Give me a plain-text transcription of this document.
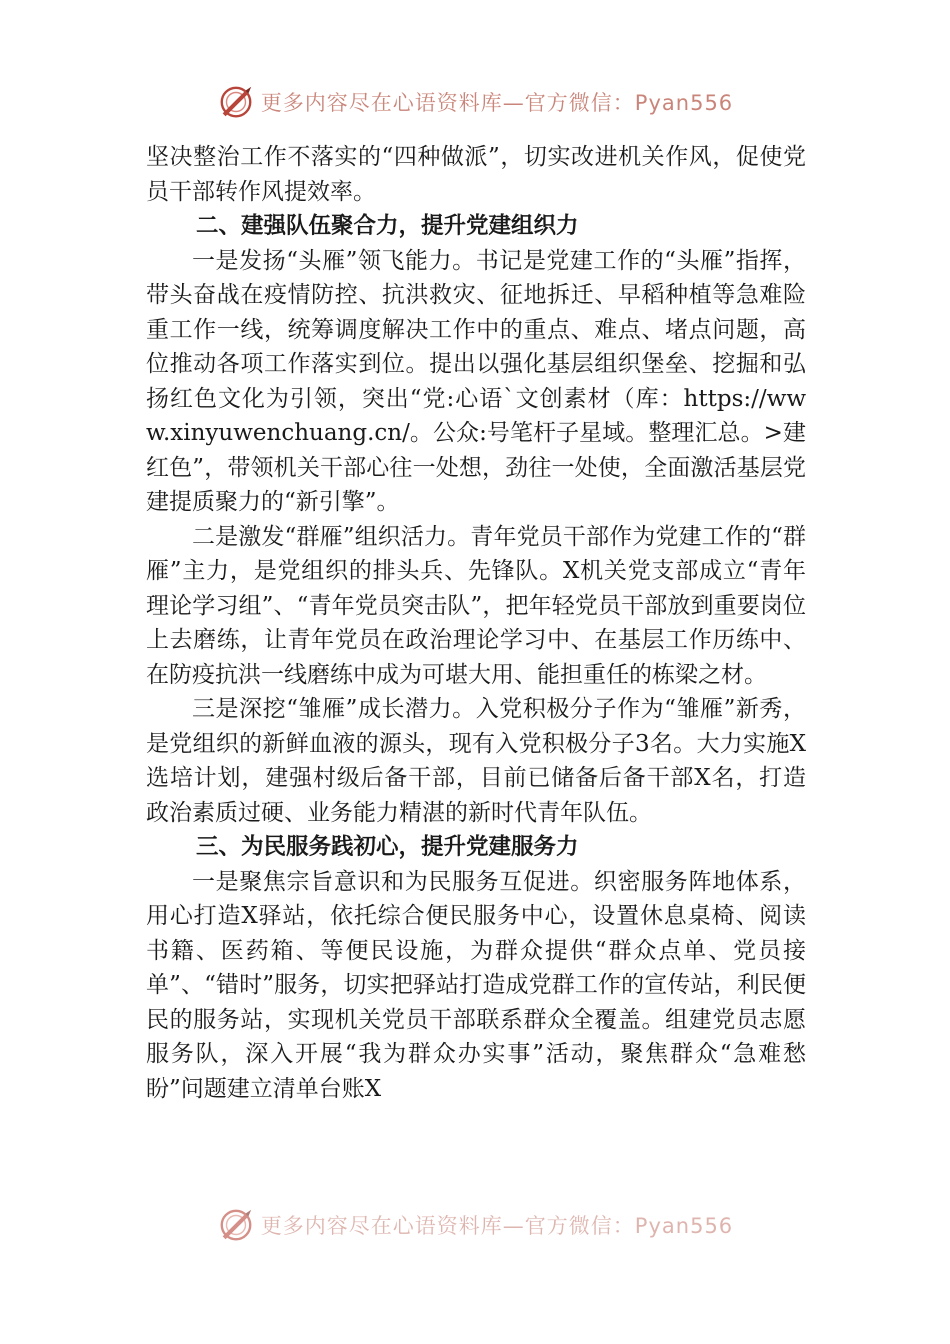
更多内容尽在心语资料库—官方微信：Pyan556

坚决整治工作不落实的“四种做派”，切实改进机关作风，促使党员干部转作风提效率。

二、建强队伍聚合力，提升党建组织力

一是发扬“头雁”领飞能力。书记是党建工作的“头雁”指挥，带头奋战在疫情防控、抗洪救灾、征地拆迁、早稻种植等急难险重工作一线，统筹调度解决工作中的重点、难点、堵点问题，高位推动各项工作落实到位。提出以强化基层组织堡垒、挖掘和弘扬红色文化为引领，突出“党:心语`文创素材（库：https://www.xinyuwenchuang.cn/。公众:号笔杆子星域。整理汇总。>建红色”，带领机关干部心往一处想，劲往一处使，全面激活基层党建提质聚力的“新引擎”。

二是激发“群雁”组织活力。青年党员干部作为党建工作的“群雁”主力，是党组织的排头兵、先锋队。X机关党支部成立“青年理论学习组”、“青年党员突击队”，把年轻党员干部放到重要岗位上去磨练，让青年党员在政治理论学习中、在基层工作历练中、在防疫抗洪一线磨练中成为可堪大用、能担重任的栋梁之材。

三是深挖“雏雁”成长潜力。入党积极分子作为“雏雁”新秀，是党组织的新鲜血液的源头，现有入党积极分子3名。大力实施X选培计划，建强村级后备干部，目前已储备后备干部X名，打造政治素质过硬、业务能力精湛的新时代青年队伍。

三、为民服务践初心，提升党建服务力

一是聚焦宗旨意识和为民服务互促进。织密服务阵地体系，用心打造X驿站，依托综合便民服务中心，设置休息桌椅、阅读书籍、医药箱、等便民设施，为群众提供“群众点单、党员接单”、“错时”服务，切实把驿站打造成党群工作的宣传站，利民便民的服务站，实现机关党员干部联系群众全覆盖。组建党员志愿服务队，深入开展“我为群众办实事”活动，聚焦群众“急难愁盼”问题建立清单台账X

更多内容尽在心语资料库—官方微信：Pyan556
